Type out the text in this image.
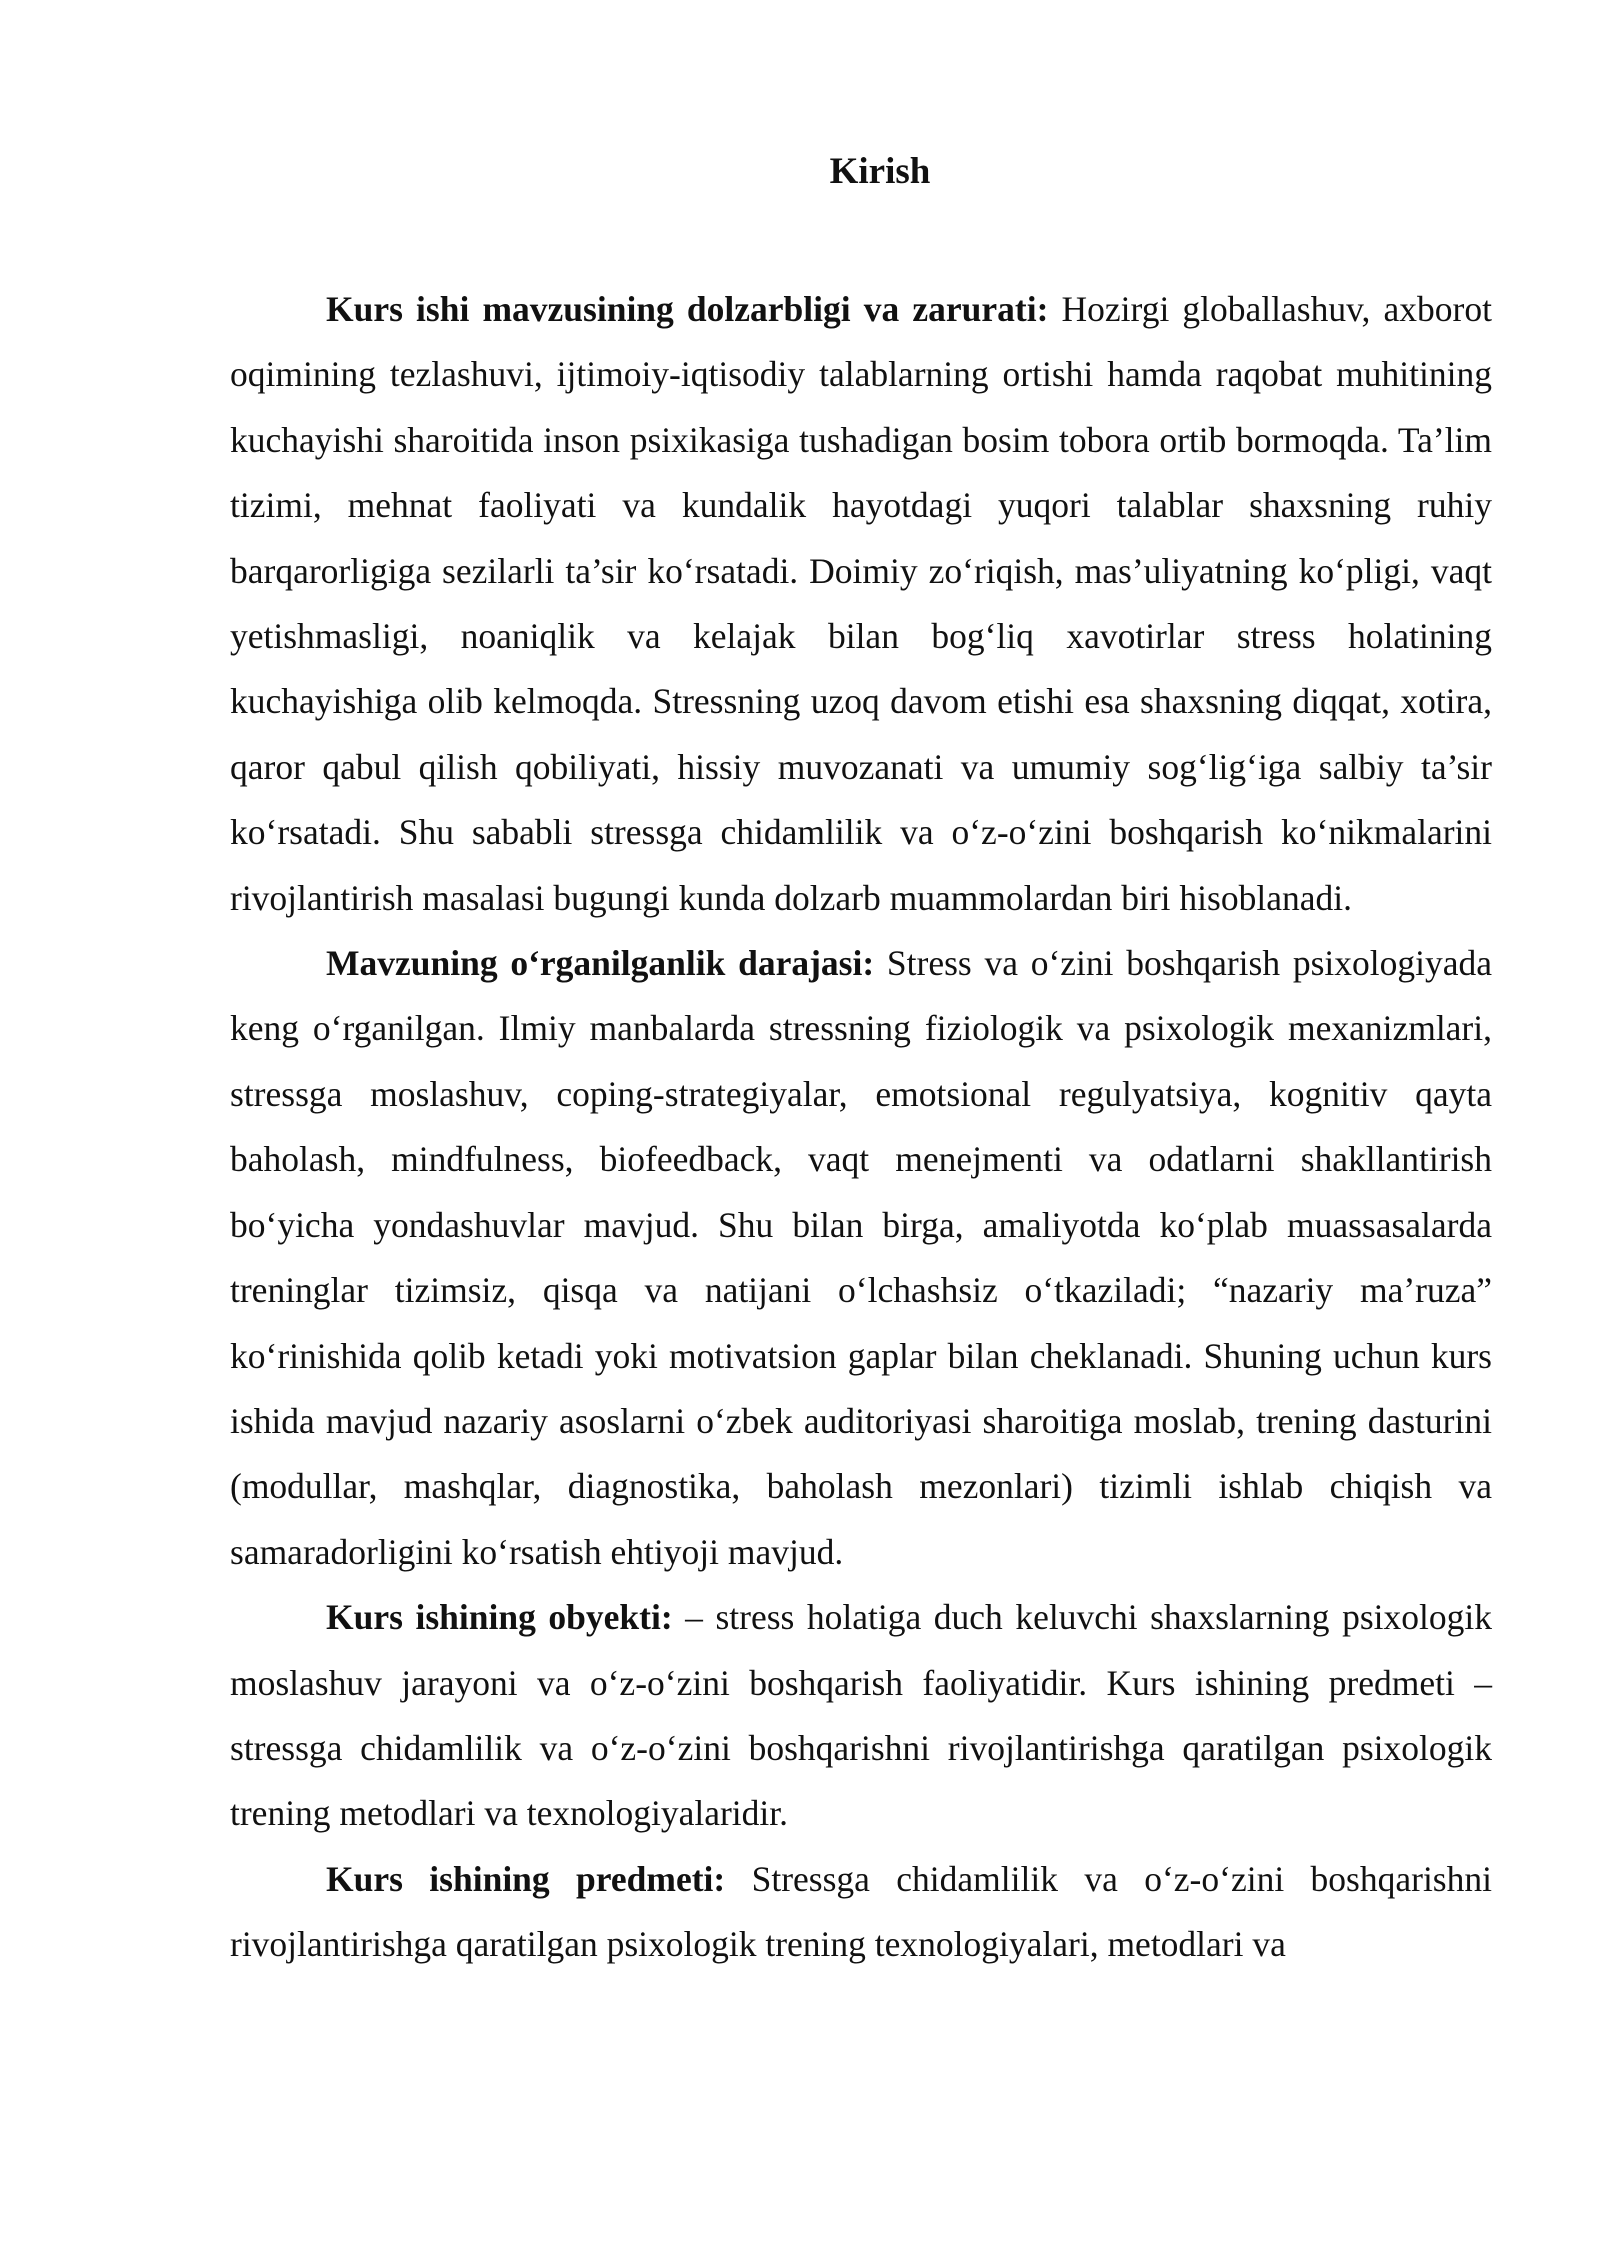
Kirish

Kurs ishi mavzusining dolzarbligi va zarurati: Hozirgi globallashuv, axborot oqimining tezlashuvi, ijtimoiy-iqtisodiy talablarning ortishi hamda raqobat muhitining kuchayishi sharoitida inson psixikasiga tushadigan bosim tobora ortib bormoqda. Ta’lim tizimi, mehnat faoliyati va kundalik hayotdagi yuqori talablar shaxsning ruhiy barqarorligiga sezilarli ta’sir ko‘rsatadi. Doimiy zo‘riqish, mas’uliyatning ko‘pligi, vaqt yetishmasligi, noaniqlik va kelajak bilan bog‘liq xavotirlar stress holatining kuchayishiga olib kelmoqda. Stressning uzoq davom etishi esa shaxsning diqqat, xotira, qaror qabul qilish qobiliyati, hissiy muvozanati va umumiy sog‘lig‘iga salbiy ta’sir ko‘rsatadi. Shu sababli stressga chidamlilik va o‘z-o‘zini boshqarish ko‘nikmalarini rivojlantirish masalasi bugungi kunda dolzarb muammolardan biri hisoblanadi.

Mavzuning o‘rganilganlik darajasi: Stress va o‘zini boshqarish psixologiyada keng o‘rganilgan. Ilmiy manbalarda stressning fiziologik va psixologik mexanizmlari, stressga moslashuv, coping-strategiyalar, emotsional regulyatsiya, kognitiv qayta baholash, mindfulness, biofeedback, vaqt menejmenti va odatlarni shakllantirish bo‘yicha yondashuvlar mavjud. Shu bilan birga, amaliyotda ko‘plab muassasalarda treninglar tizimsiz, qisqa va natijani o‘lchashsiz o‘tkaziladi; “nazariy ma’ruza” ko‘rinishida qolib ketadi yoki motivatsion gaplar bilan cheklanadi. Shuning uchun kurs ishida mavjud nazariy asoslarni o‘zbek auditoriyasi sharoitiga moslab, trening dasturini (modullar, mashqlar, diagnostika, baholash mezonlari) tizimli ishlab chiqish va samaradorligini ko‘rsatish ehtiyoji mavjud.

Kurs ishining obyekti: – stress holatiga duch keluvchi shaxslarning psixologik moslashuv jarayoni va o‘z-o‘zini boshqarish faoliyatidir. Kurs ishining predmeti – stressga chidamlilik va o‘z-o‘zini boshqarishni rivojlantirishga qaratilgan psixologik trening metodlari va texnologiyalaridir.

Kurs ishining predmeti: Stressga chidamlilik va o‘z-o‘zini boshqarishni rivojlantirishga qaratilgan psixologik trening texnologiyalari, metodlari va
